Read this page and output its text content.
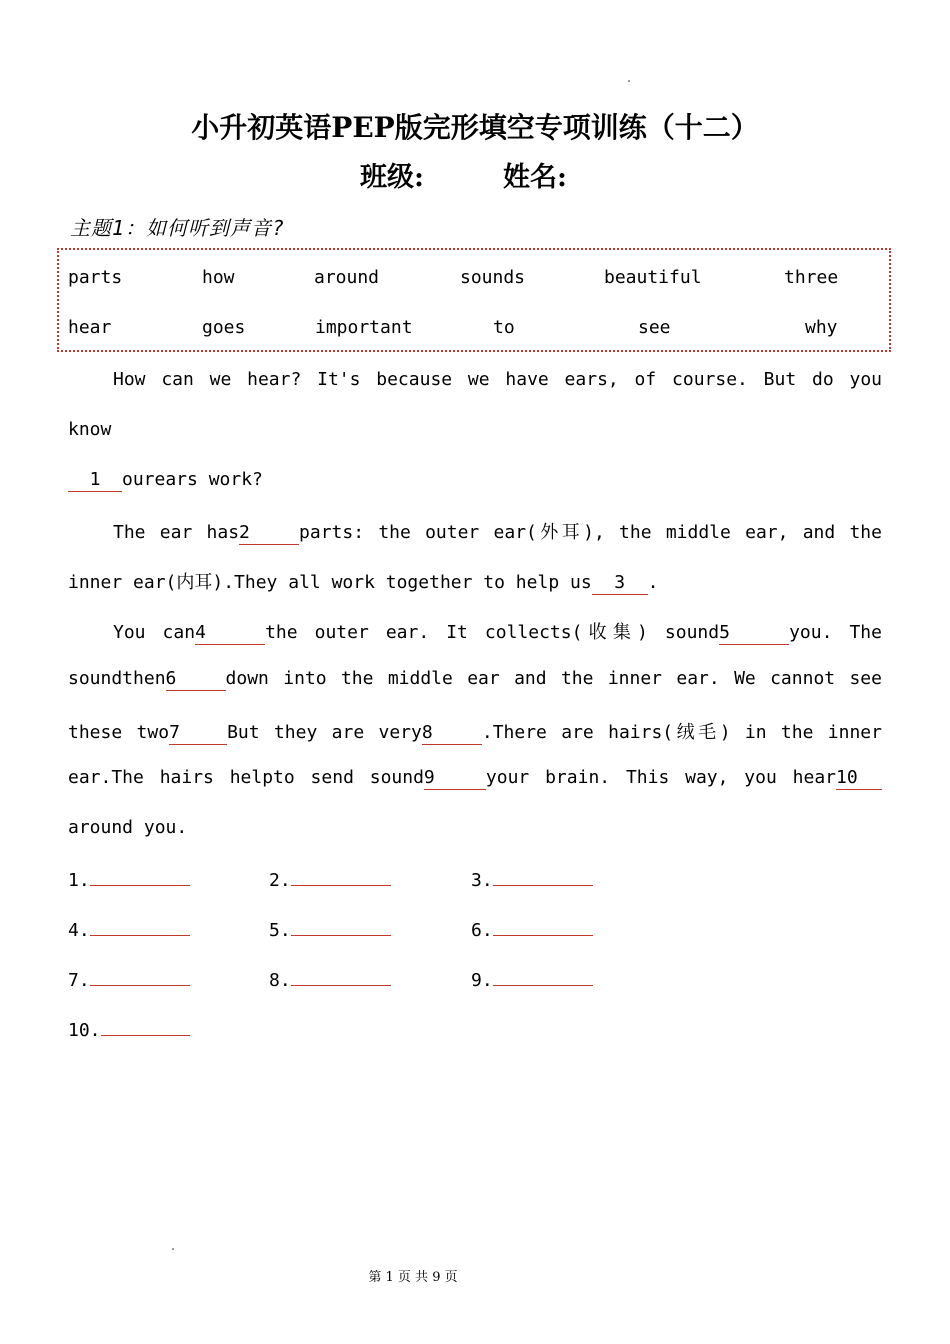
小升初英语PEP版完形填空专项训练（十二）
班级:	姓名:
主题1：如何听到声音?
parts	how	around	sounds	beautiful	three
hear	goes	important	to	see	why
How can we hear? It's because we have ears, of course. But do you
know
1 ourears work?
The ear has2	parts: the outer ear(外耳), the middle ear, and the
inner ear(内耳).They all work together to help us 3 .
You can4	the outer ear. It collects(收集) sound5	you. The
soundthen6	down into the middle ear and the inner ear. We cannot see
these two7	But they are very8	.There are hairs(绒毛) in the inner
ear.The hairs helpto send sound9	your brain. This way, you hear10
around you.
1.	2.	3.
4.	5.	6.
7.	8.	9.
10.
第 1 页 共 9 页
